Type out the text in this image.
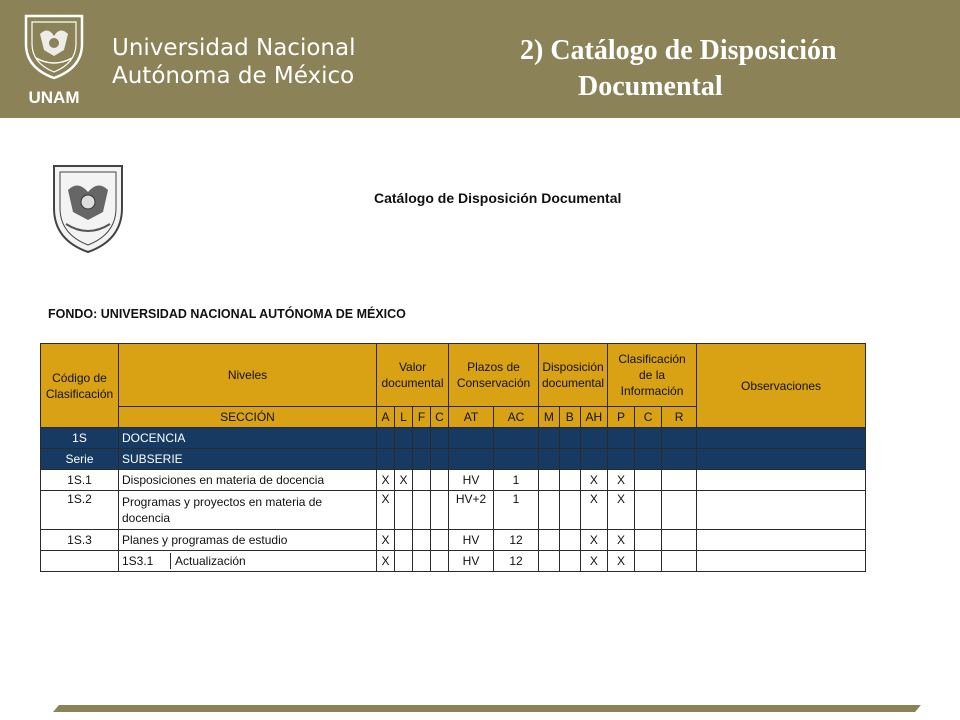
UNAM
Universidad Nacional
Autónoma de México
2) Catálogo de Disposición
Documental
Catálogo de Disposición Documental
FONDO: UNIVERSIDAD NACIONAL AUTÓNOMA DE MÉXICO
Código de Clasificación	Niveles	Valor documental				Plazos de Conservación		Disposición documental			Clasificación de la Información			Observaciones
	SECCIÓN	A	L	F	C	AT	AC	M	B	AH	P	C	R	
1S	DOCENCIA													
Serie	SUBSERIE													
1S.1	Disposiciones en materia de docencia	X	X			HV	1			X	X			
1S.2	Programas y proyectos en materia de docencia	X				HV+2	1			X	X			
1S.3	Planes y programas de estudio	X				HV	12			X	X			
	1S3.1 Actualización	X				HV	12			X	X			
